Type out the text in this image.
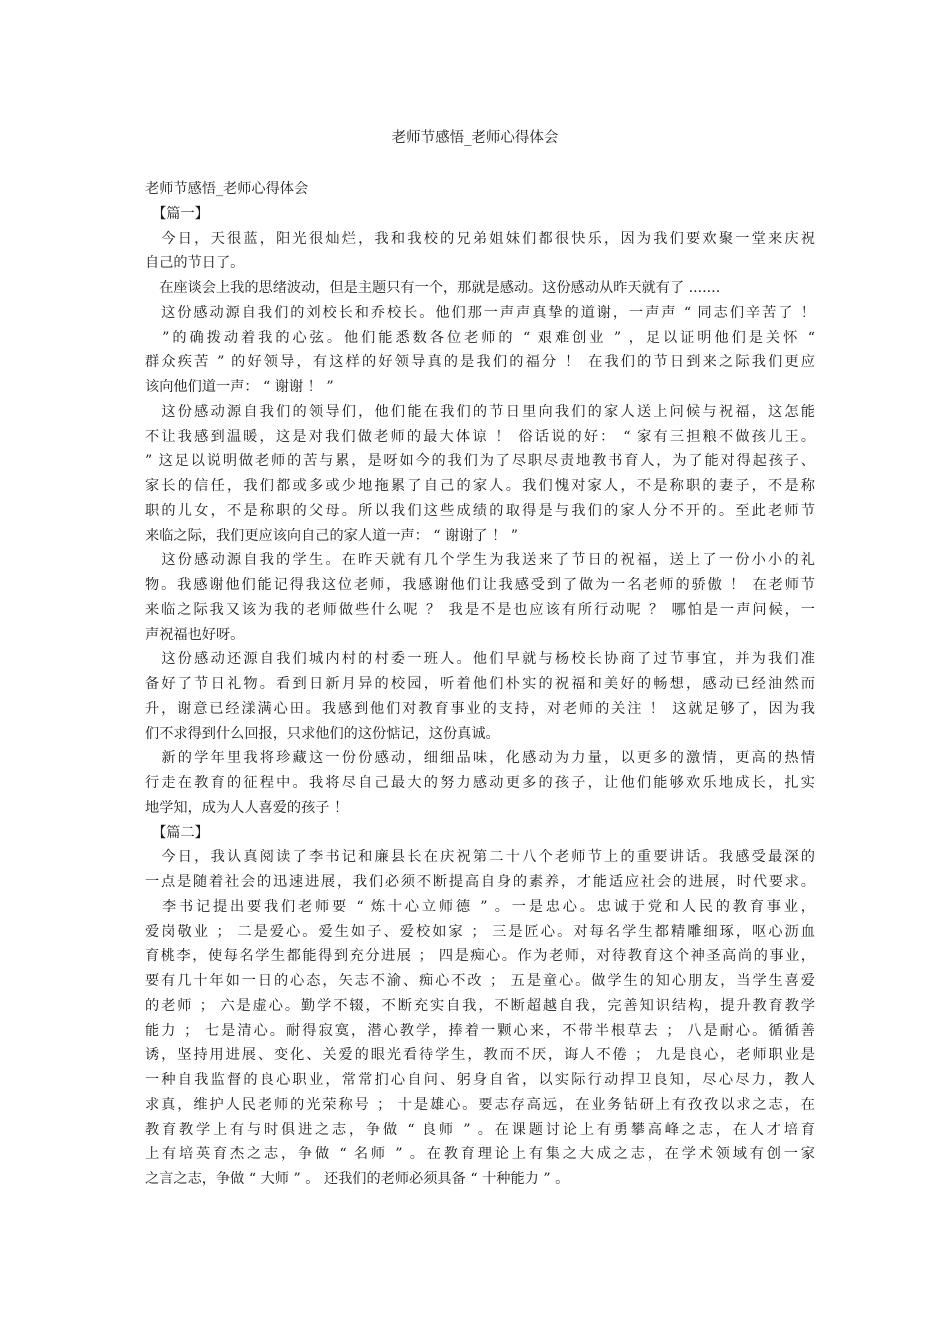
老师节感悟_老师心得体会
老师节感悟_老师心得体会
　【篇一】
　今日，天很蓝，阳光很灿烂，我和我校的兄弟姐妹们都很快乐，因为我们要欢聚一堂来庆祝
自己的节日了。
　在座谈会上我的思绪波动，但是主题只有一个，那就是感动。这份感动从昨天就有了 .......
　这份感动源自我们的刘校长和乔校长。他们那一声声真挚的道谢，一声声 “ 同志们辛苦了 ！
　”的确拨动着我的心弦。他们能悉数各位老师的 “ 艰难创业 ” ，足以证明他们是关怀 “
群众疾苦 ” 的好领导，有这样的好领导真的是我们的福分 ！ 在我们的节日到来之际我们更应
该向他们道一声： “ 谢谢 ！ ”
　这份感动源自我们的领导们，他们能在我们的节日里向我们的家人送上问候与祝福，这怎能
不让我感到温暖，这是对我们做老师的最大体谅 ！ 俗话说的好： “ 家有三担粮不做孩儿王。
” 这足以说明做老师的苦与累，是呀如今的我们为了尽职尽责地教书育人，为了能对得起孩子、
家长的信任，我们都或多或少地拖累了自己的家人。我们愧对家人，不是称职的妻子，不是称
职的儿女，不是称职的父母。所以我们这些成绩的取得是与我们的家人分不开的。至此老师节
来临之际，我们更应该向自己的家人道一声： “ 谢谢了 ！ ”
　这份感动源自我的学生。在昨天就有几个学生为我送来了节日的祝福，送上了一份小小的礼
物。我感谢他们能记得我这位老师，我感谢他们让我感受到了做为一名老师的骄傲 ！ 在老师节
来临之际我又该为我的老师做些什么呢 ？ 我是不是也应该有所行动呢 ？ 哪怕是一声问候，一
声祝福也好呀。
　这份感动还源自我们城内村的村委一班人。他们早就与杨校长协商了过节事宜，并为我们准
备好了节日礼物。看到日新月异的校园，听着他们朴实的祝福和美好的畅想，感动已经油然而
升，谢意已经漾满心田。我感到他们对教育事业的支持，对老师的关注 ！ 这就足够了，因为我
们不求得到什么回报，只求他们的这份惦记，这份真诚。
　新的学年里我将珍藏这一份份感动，细细品味，化感动为力量，以更多的激情，更高的热情
行走在教育的征程中。我将尽自己最大的努力感动更多的孩子，让他们能够欢乐地成长，扎实
地学知，成为人人喜爱的孩子 ！
　【篇二】
　今日，我认真阅读了李书记和廉县长在庆祝第二十八个老师节上的重要讲话。我感受最深的
一点是随着社会的迅速进展，我们必须不断提高自身的素养，才能适应社会的进展，时代要求。
　李书记提出要我们老师要 “ 炼十心立师德 ” 。一是忠心。忠诚于党和人民的教育事业，
爱岗敬业 ； 二是爱心。爱生如子、爱校如家 ； 三是匠心。对每名学生都精雕细琢，呕心沥血
育桃李，使每名学生都能得到充分进展 ； 四是痴心。作为老师，对待教育这个神圣高尚的事业，
要有几十年如一日的心态，矢志不渝、痴心不改 ； 五是童心。做学生的知心朋友，当学生喜爱
的老师 ； 六是虚心。勤学不辍，不断充实自我，不断超越自我，完善知识结构，提升教育教学
能力 ； 七是清心。耐得寂寞，潜心教学，捧着一颗心来，不带半根草去 ； 八是耐心。循循善
诱，坚持用进展、变化、关爱的眼光看待学生，教而不厌，诲人不倦 ； 九是良心，老师职业是
一种自我监督的良心职业，常常扪心自问、躬身自省，以实际行动捍卫良知，尽心尽力，教人
求真，维护人民老师的光荣称号 ； 十是雄心。要志存高远，在业务钻研上有孜孜以求之志，在
教育教学上有与时俱进之志，争做 “ 良师 ” 。在课题讨论上有勇攀高峰之志，在人才培育
上有培英育杰之志，争做 “ 名师 ” 。在教育理论上有集之大成之志，在学术领域有创一家
之言之志，争做 “ 大师 ” 。 还我们的老师必须具备 “ 十种能力 ” 。
